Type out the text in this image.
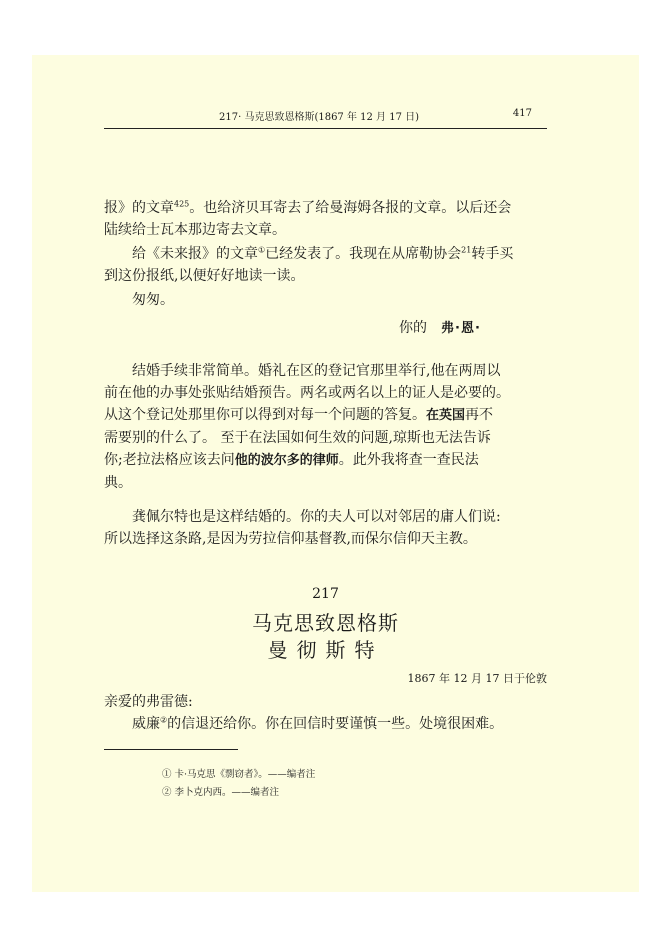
217· 马克思致恩格斯(1867 年 12 月 17 日)	417
报》的文章$^{425}$。也给济贝耳寄去了给曼海姆各报的文章。以后还会
陆续给士瓦本那边寄去文章。
给《未来报》的文章①已经发表了。我现在从席勒协会$^{21}$转手买
到这份报纸,以便好好地读一读。
匆匆。
你的 弗·恩·
结婚手续非常简单。婚礼在区的登记官那里举行,他在两周以
前在他的办事处张贴结婚预告。两名或两名以上的证人是必要的。
从这个登记处那里你可以得到对每一个问题的答复。在英国再不
需要别的什么了。 至于在法国如何生效的问题,琼斯也无法告诉
你;老拉法格应该去问他的波尔多的律师。此外我将查一查民法
典。
龚佩尔特也是这样结婚的。你的夫人可以对邻居的庸人们说:
所以选择这条路,是因为劳拉信仰基督教,而保尔信仰天主教。
217
马克思致恩格斯
曼彻斯特
1867 年 12 月 17 日于伦敦
亲爱的弗雷德:
威廉②的信退还给你。你在回信时要谨慎一些。处境很困难。
① 卡·马克思《剽窃者》。——编者注
② 李卜克内西。——编者注
